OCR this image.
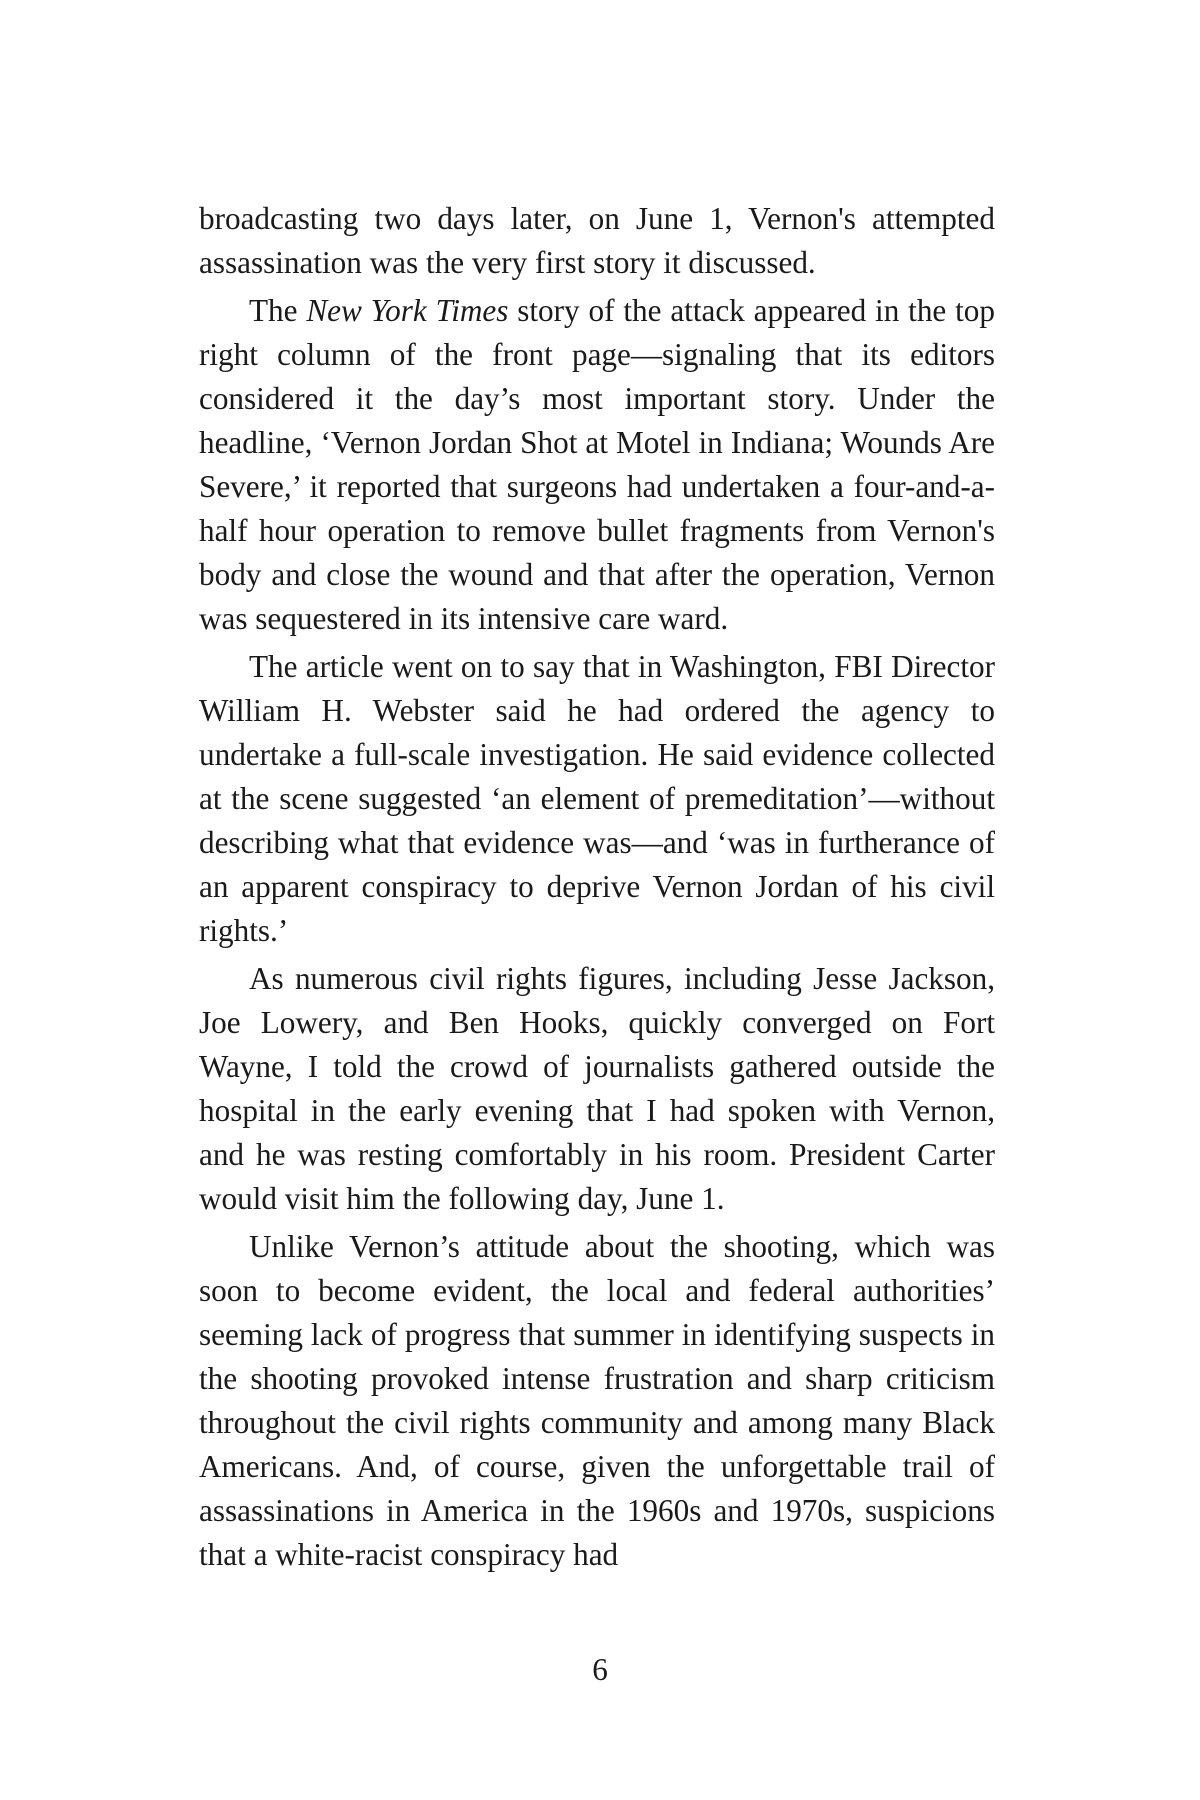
broadcasting two days later, on June 1, Vernon's attempted assassination was the very first story it discussed.

The New York Times story of the attack appeared in the top right column of the front page—signaling that its editors considered it the day’s most important story. Under the headline, ‘Vernon Jordan Shot at Motel in Indiana; Wounds Are Severe,’ it reported that surgeons had undertaken a four-and-a-half hour operation to remove bullet fragments from Vernon's body and close the wound and that after the operation, Vernon was sequestered in its intensive care ward.

The article went on to say that in Washington, FBI Director William H. Webster said he had ordered the agency to undertake a full-scale investigation. He said evidence collected at the scene suggested ‘an element of premeditation’—without describing what that evidence was—and ‘was in furtherance of an apparent conspiracy to deprive Vernon Jordan of his civil rights.’

As numerous civil rights figures, including Jesse Jackson, Joe Lowery, and Ben Hooks, quickly converged on Fort Wayne, I told the crowd of journalists gathered outside the hospital in the early evening that I had spoken with Vernon, and he was resting comfortably in his room. President Carter would visit him the following day, June 1.

Unlike Vernon’s attitude about the shooting, which was soon to become evident, the local and federal authorities’ seeming lack of progress that summer in identifying suspects in the shooting provoked intense frustration and sharp criticism throughout the civil rights community and among many Black Americans. And, of course, given the unforgettable trail of assassinations in America in the 1960s and 1970s, suspicions that a white-racist conspiracy had

6
